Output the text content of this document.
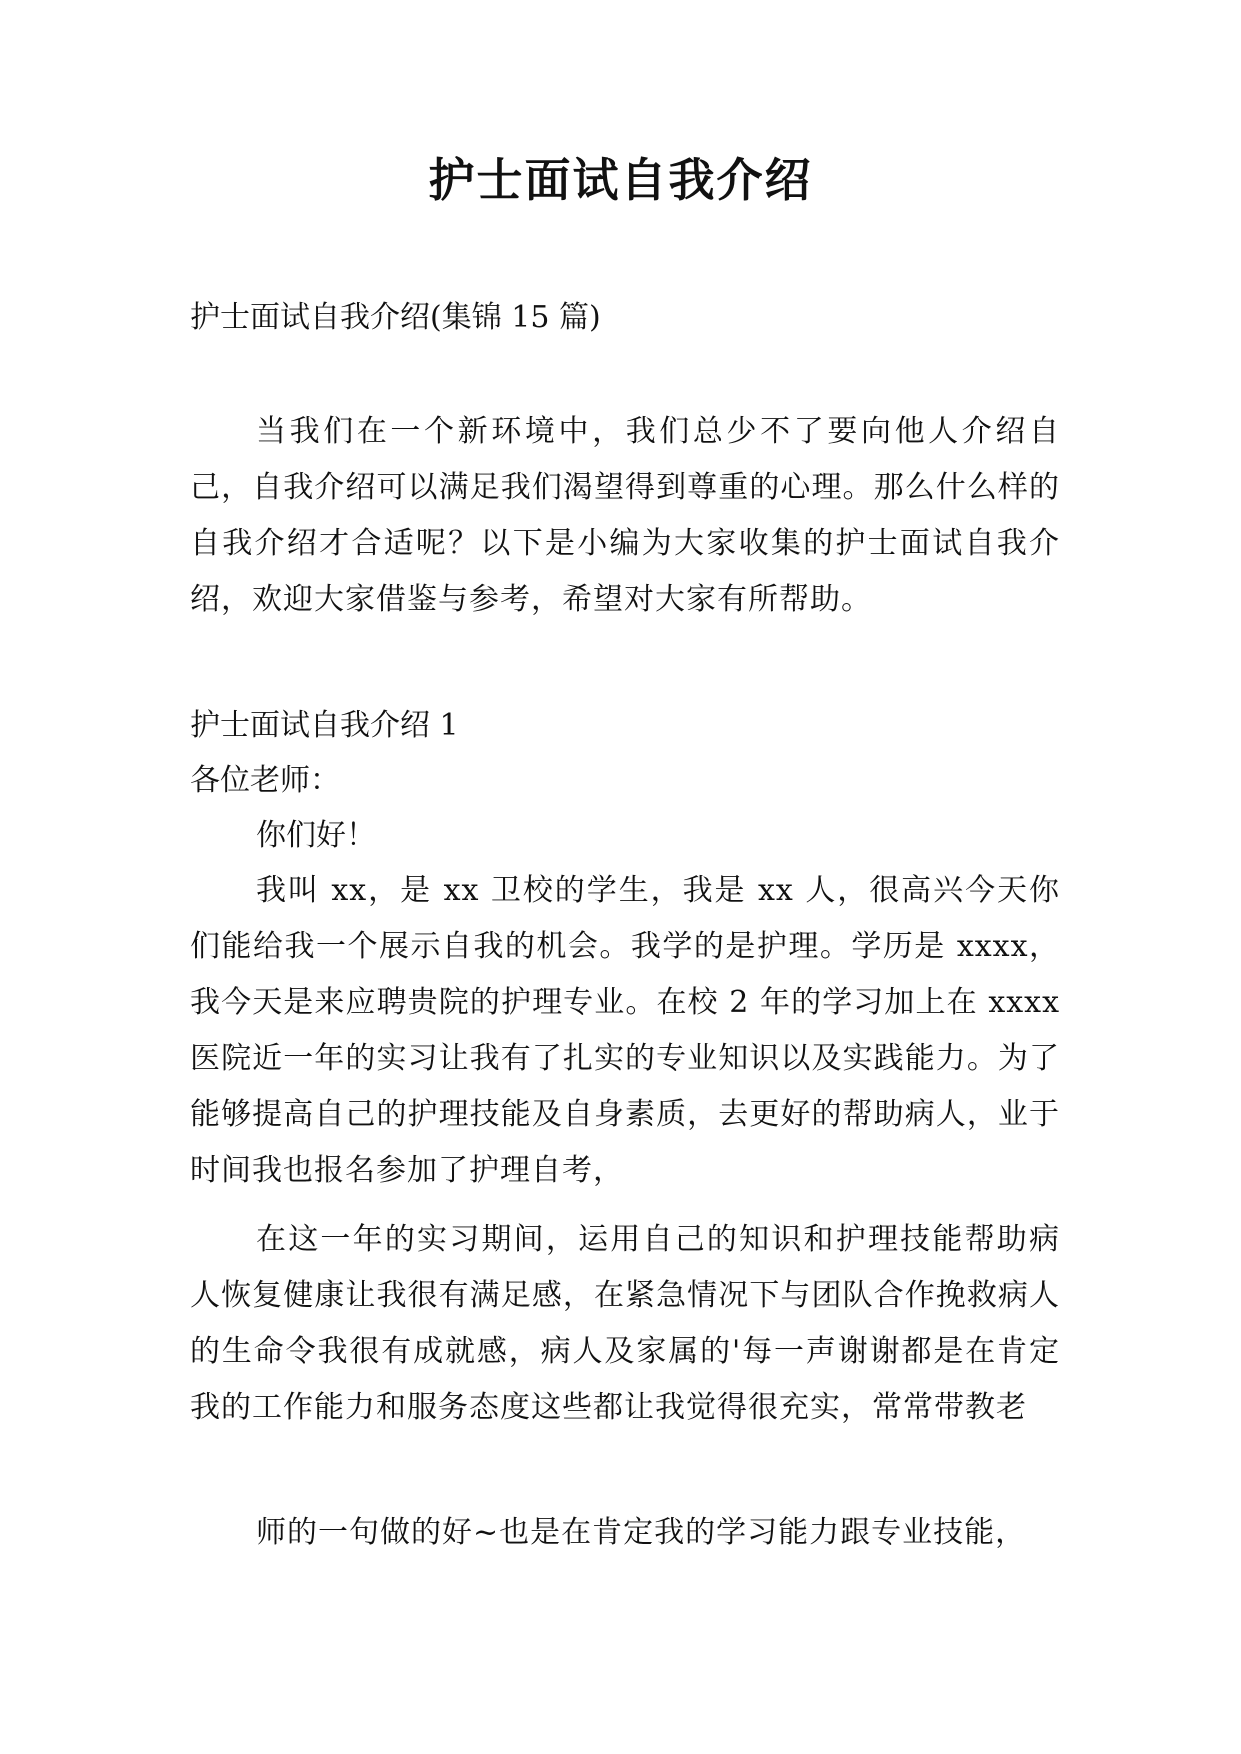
护士面试自我介绍
护士面试自我介绍(集锦 15 篇)
当我们在一个新环境中，我们总少不了要向他人介绍自己，自我介绍可以满足我们渴望得到尊重的心理。那么什么样的自我介绍才合适呢？以下是小编为大家收集的护士面试自我介绍，欢迎大家借鉴与参考，希望对大家有所帮助。
护士面试自我介绍 1
各位老师：
你们好！
我叫 xx，是 xx 卫校的学生，我是 xx 人，很高兴今天你们能给我一个展示自我的机会。我学的是护理。学历是 xxxx，我今天是来应聘贵院的护理专业。在校 2 年的学习加上在 xxxx 医院近一年的实习让我有了扎实的专业知识以及实践能力。为了能够提高自己的护理技能及自身素质，去更好的帮助病人，业于时间我也报名参加了护理自考，
在这一年的实习期间，运用自己的知识和护理技能帮助病人恢复健康让我很有满足感，在紧急情况下与团队合作挽救病人的生命令我很有成就感，病人及家属的'每一声谢谢都是在肯定我的工作能力和服务态度这些都让我觉得很充实，常常带教老
师的一句做的好~也是在肯定我的学习能力跟专业技能，
